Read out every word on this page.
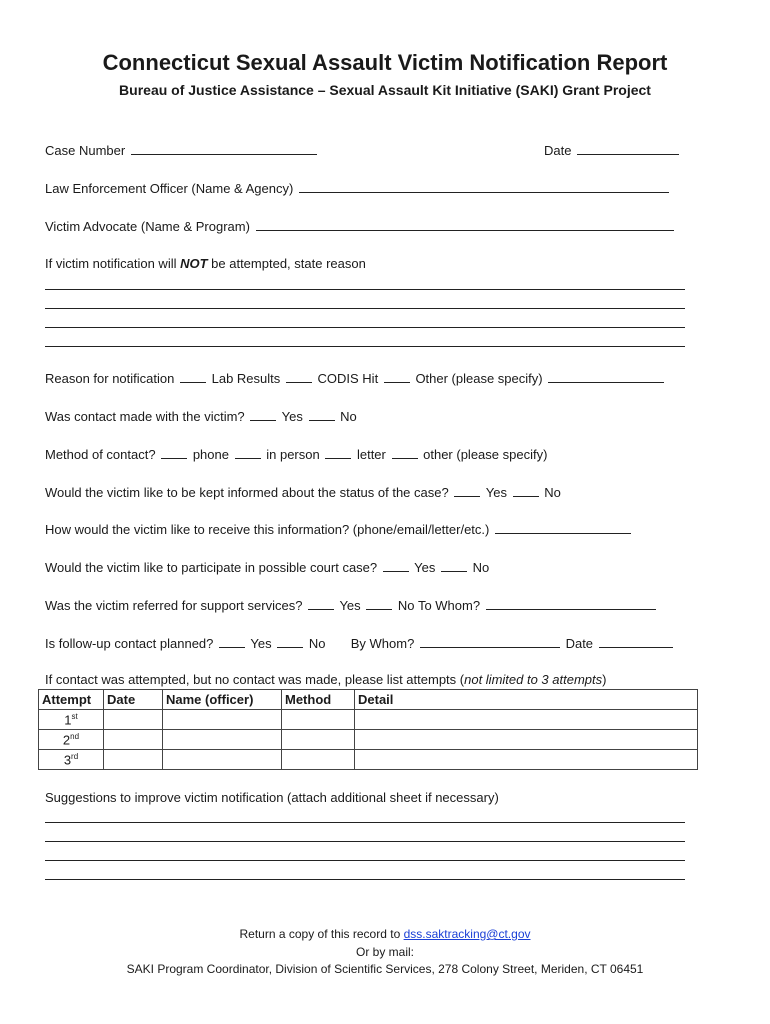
Connecticut Sexual Assault Victim Notification Report
Bureau of Justice Assistance – Sexual Assault Kit Initiative (SAKI) Grant Project
Case Number	Date
Law Enforcement Officer (Name & Agency)
Victim Advocate (Name & Program)
If victim notification will NOT be attempted, state reason
Reason for notification	Lab Results	CODIS Hit	Other (please specify)
Was contact made with the victim?	Yes	No
Method of contact?	phone	in person	letter	other (please specify)
Would the victim like to be kept informed about the status of the case?	Yes	No
How would the victim like to receive this information? (phone/email/letter/etc.)
Would the victim like to participate in possible court case?	Yes	No
Was the victim referred for support services?	Yes	No To Whom?
Is follow-up contact planned?	Yes	No By Whom?	Date
If contact was attempted, but no contact was made, please list attempts (not limited to 3 attempts)
Attempt	Date	Name (officer)	Method	Detail
1st				
2nd				
3rd				
Suggestions to improve victim notification (attach additional sheet if necessary)
Return a copy of this record to dss.saktracking@ct.gov
Or by mail:
SAKI Program Coordinator, Division of Scientific Services, 278 Colony Street, Meriden, CT 06451
